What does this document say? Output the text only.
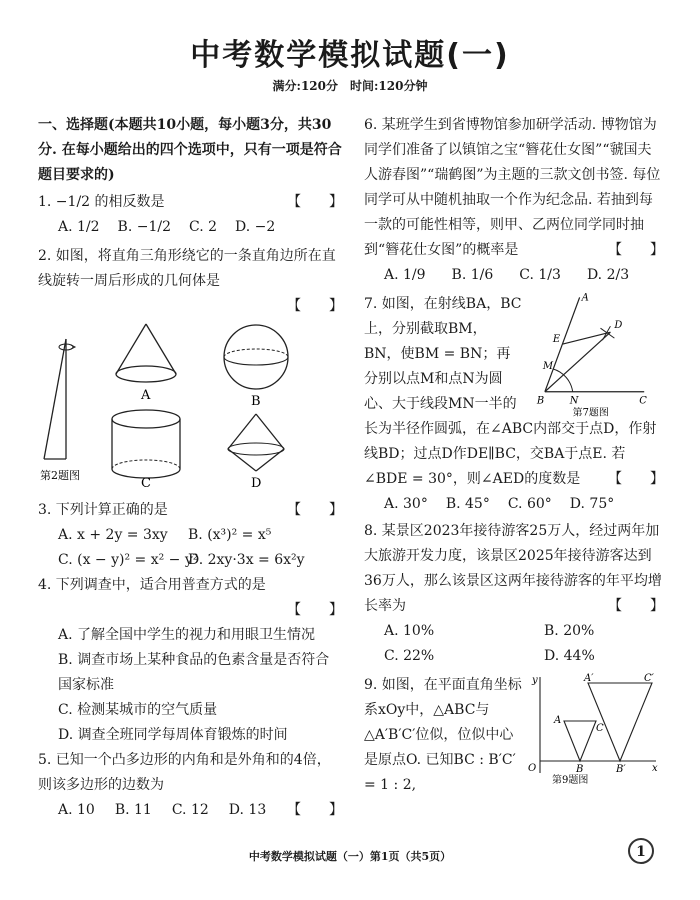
中考数学模拟试题(一)
满分:120分　时间:120分钟

一、选择题(本题共10小题，每小题3分，共30分. 在每小题给出的四个选项中，只有一项是符合题目要求的)

1. −1/2 的相反数是	【　　】
A. 1/2 B. −1/2 C. 2 D. −2
2. 如图，将直角三角形绕它的一条直角边所在直线旋转一周后形成的几何体是
【　　】
第2题图
A	B
C	D
3. 下列计算正确的是	【　　】
A. x + 2y = 3xy	B. (x³)² = x⁵
C. (x − y)² = x² − y²
D. 2xy·3x = 6x²y
4. 下列调查中，适合用普查方式的是
【　　】
A. 了解全国中学生的视力和用眼卫生情况
B. 调查市场上某种食品的色素含量是否符合国家标准
C. 检测某城市的空气质量
D. 调查全班同学每周体育锻炼的时间
5. 已知一个凸多边形的内角和是外角和的4倍，则该多边形的边数为
A. 10 B. 11 C. 12 D. 13 【　　】
6. 某班学生到省博物馆参加研学活动. 博物馆为同学们准备了以镇馆之宝“簪花仕女图”“虢国夫人游春图”“瑞鹤图”为主题的三款文创书签. 每位同学可从中随机抽取一个作为纪念品. 若抽到每一款的可能性相等，则甲、乙两位同学同时抽到“簪花仕女图”的概率是	【　　】
A. 1/9 B. 1/6 C. 1/3 D. 2/3
7. 如图，在射线BA，BC上，分别截取BM，BN，使BM = BN；再分别以点M和点N为圆心、大于线段MN一半的
A
D
E
M
B	N	C
第7题图
长为半径作圆弧，在∠ABC内部交于点D，作射线BD；过点D作DE∥BC，交BA于点E. 若∠BDE = 30°，则∠AED的度数是 【　　】
A. 30° B. 45° C. 60° D. 75°
8. 某景区2023年接待游客25万人，经过两年加大旅游开发力度，该景区2025年接待游客达到36万人，那么该景区这两年接待游客的年平均增长率为	【　　】
A. 10%	B. 20%
C. 22%	D. 44%
9. 如图，在平面直角坐标系xOy中，△ABC与△A′B′C′位似，位似中心是原点O. 已知BC : B′C′ = 1 : 2,
y	A′	C′
A
C
O	B	B′	x
第9题图
中考数学模拟试题（一）第1页（共5页）	1
